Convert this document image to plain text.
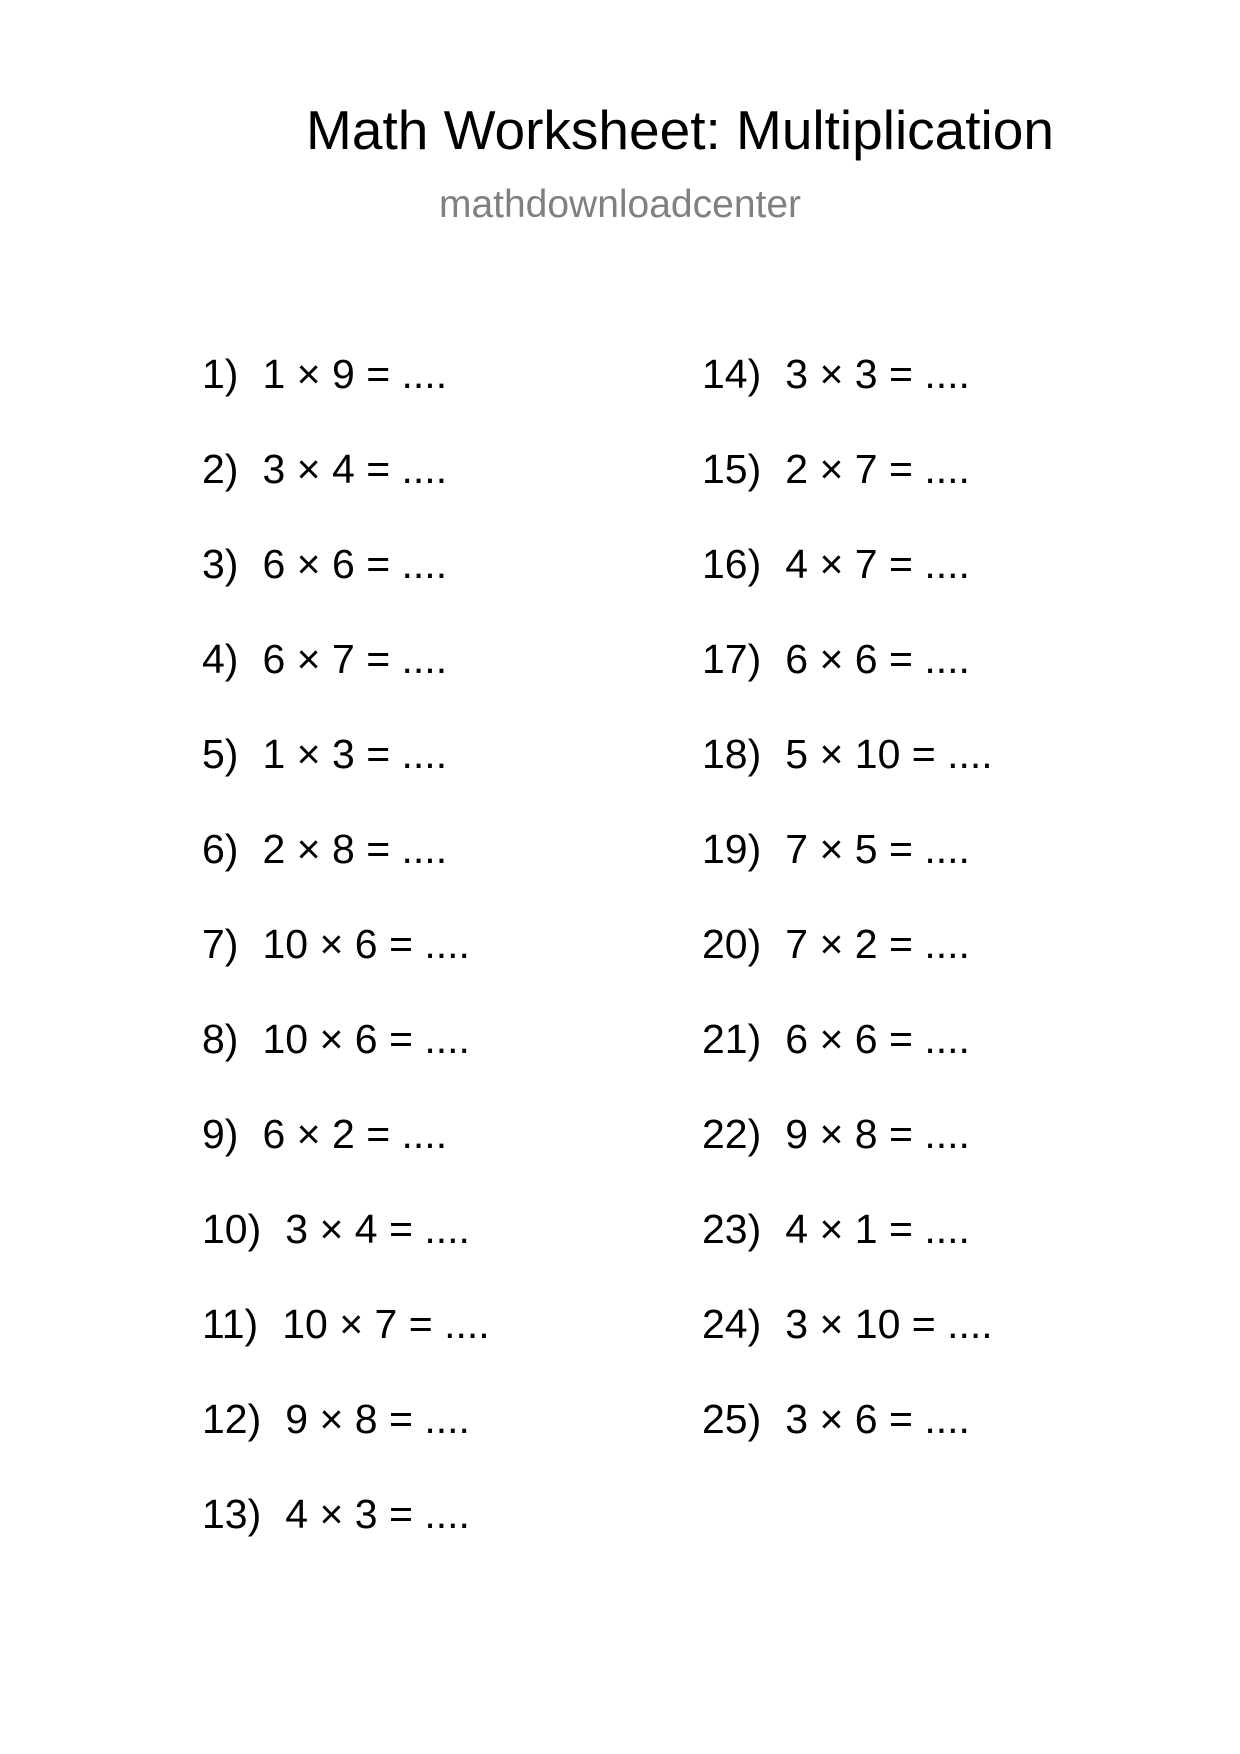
Math Worksheet: Multiplication
mathdownloadcenter
1) 1 × 9 = ....
2) 3 × 4 = ....
3) 6 × 6 = ....
4) 6 × 7 = ....
5) 1 × 3 = ....
6) 2 × 8 = ....
7) 10 × 6 = ....
8) 10 × 6 = ....
9) 6 × 2 = ....
10) 3 × 4 = ....
11) 10 × 7 = ....
12) 9 × 8 = ....
13) 4 × 3 = ....
14) 3 × 3 = ....
15) 2 × 7 = ....
16) 4 × 7 = ....
17) 6 × 6 = ....
18) 5 × 10 = ....
19) 7 × 5 = ....
20) 7 × 2 = ....
21) 6 × 6 = ....
22) 9 × 8 = ....
23) 4 × 1 = ....
24) 3 × 10 = ....
25) 3 × 6 = ....
